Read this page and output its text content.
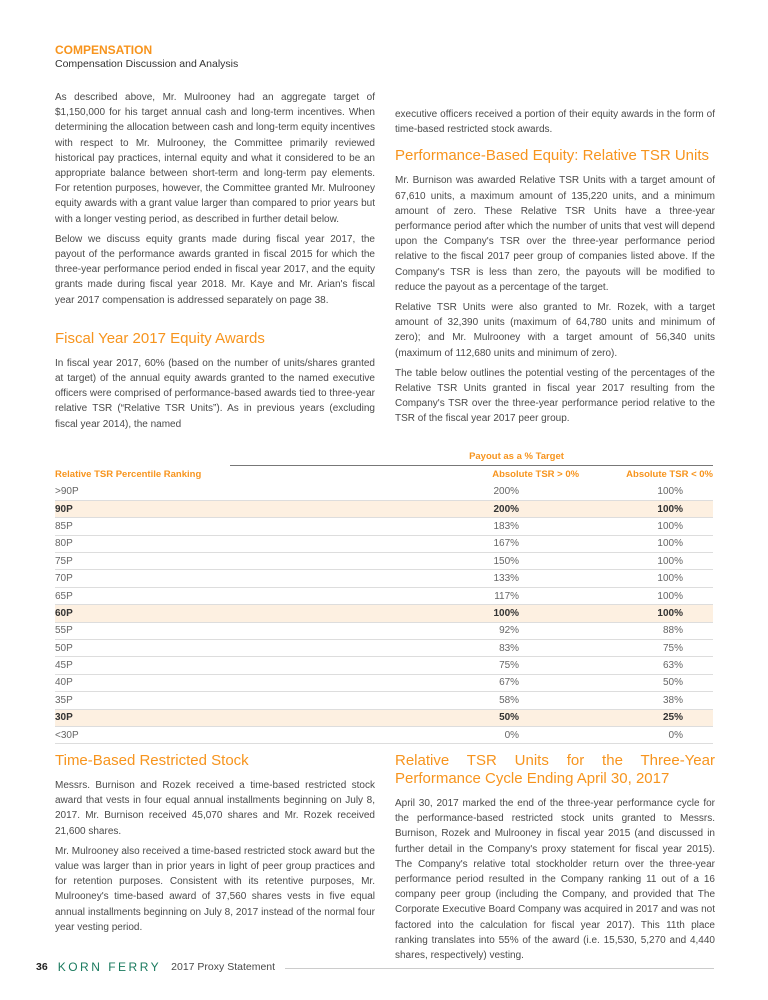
COMPENSATION
Compensation Discussion and Analysis

As described above, Mr. Mulrooney had an aggregate target of $1,150,000 for his target annual cash and long-term incentives. When determining the allocation between cash and long-term equity incentives with respect to Mr. Mulrooney, the Committee primarily reviewed historical pay practices, internal equity and what it considered to be an appropriate balance between short-term and long-term pay elements. For retention purposes, however, the Committee granted Mr. Mulrooney equity awards with a grant value larger than compared to prior years but with a longer vesting period, as described in further detail below.

Below we discuss equity grants made during fiscal year 2017, the payout of the performance awards granted in fiscal 2015 for which the three-year performance period ended in fiscal year 2017, and the equity grants made during fiscal year 2018. Mr. Kaye and Mr. Arian's fiscal year 2017 compensation is addressed separately on page 38.

Fiscal Year 2017 Equity Awards

In fiscal year 2017, 60% (based on the number of units/shares granted at target) of the annual equity awards granted to the named executive officers were comprised of performance-based awards tied to three-year relative TSR (“Relative TSR Units”). As in previous years (excluding fiscal year 2014), the named

executive officers received a portion of their equity awards in the form of time-based restricted stock awards.

Performance-Based Equity: Relative TSR Units

Mr. Burnison was awarded Relative TSR Units with a target amount of 67,610 units, a maximum amount of 135,220 units, and a minimum amount of zero. These Relative TSR Units have a three-year performance period after which the number of units that vest will depend upon the Company's TSR over the three-year performance period relative to the fiscal 2017 peer group of companies listed above. If the Company's TSR is less than zero, the payouts will be modified to reduce the payout as a percentage of the target.

Relative TSR Units were also granted to Mr. Rozek, with a target amount of 32,390 units (maximum of 64,780 units and minimum of zero); and Mr. Mulrooney with a target amount of 56,340 units (maximum of 112,680 units and minimum of zero).

The table below outlines the potential vesting of the percentages of the Relative TSR Units granted in fiscal year 2017 resulting from the Company's TSR over the three-year performance period relative to the TSR of the fiscal year 2017 peer group.

	Payout as a % Target	
Relative TSR Percentile Ranking	Absolute TSR > 0%	Absolute TSR < 0%
>90P	200%	100%
90P	200%	100%
85P	183%	100%
80P	167%	100%
75P	150%	100%
70P	133%	100%
65P	117%	100%
60P	100%	100%
55P	92%	88%
50P	83%	75%
45P	75%	63%
40P	67%	50%
35P	58%	38%
30P	50%	25%
<30P	0%	0%
Time-Based Restricted Stock

Messrs. Burnison and Rozek received a time-based restricted stock award that vests in four equal annual installments beginning on July 8, 2017. Mr. Burnison received 45,070 shares and Mr. Rozek received 21,600 shares.

Mr. Mulrooney also received a time-based restricted stock award but the value was larger than in prior years in light of peer group practices and for retention purposes. Consistent with its retentive purposes, Mr. Mulrooney's time-based award of 37,560 shares vests in five equal annual installments beginning on July 8, 2017 instead of the normal four year vesting period.

Relative TSR Units for the Three-Year Performance Cycle Ending April 30, 2017

April 30, 2017 marked the end of the three-year performance cycle for the performance-based restricted stock units granted to Messrs. Burnison, Rozek and Mulrooney in fiscal year 2015 (and discussed in further detail in the Company's proxy statement for fiscal year 2015). The Company's relative total stockholder return over the three-year performance period resulted in the Company ranking 11 out of a 16 company peer group (including the Company, and provided that The Corporate Executive Board Company was acquired in 2017 and was not factored into the calculation for fiscal year 2017). This 11th place ranking translates into 55% of the award (i.e. 15,530, 5,270 and 4,440 shares, respectively) vesting.

36 KORN FERRY 2017 Proxy Statement
